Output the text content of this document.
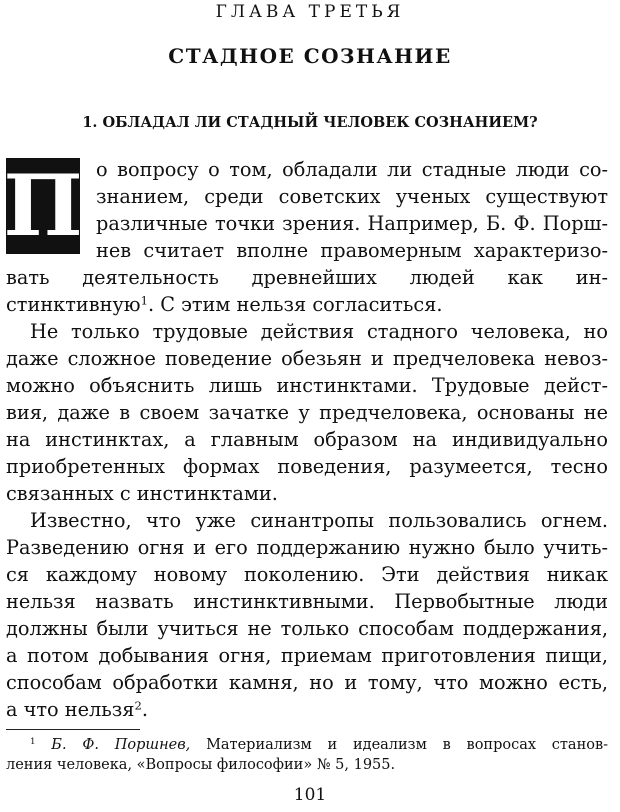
ГЛАВА ТРЕТЬЯ
СТАДНОЕ СОЗНАНИЕ
1. ОБЛАДАЛ ЛИ СТАДНЫЙ ЧЕЛОВЕК СОЗНАНИЕМ?
П о вопросу о том, обладали ли стадные люди со-
знанием, среди советских ученых существуют
различные точки зрения. Например, Б. Ф. Порш-
нев считает вполне правомерным характеризо-
вать деятельность древнейших людей как ин-
стинктивную$^1$. С этим нельзя согласиться.
Не только трудовые действия стадного человека, но
даже сложное поведение обезьян и предчеловека невоз-
можно объяснить лишь инстинктами. Трудовые дейст-
вия, даже в своем зачатке у предчеловека, основаны не
на инстинктах, а главным образом на индивидуально
приобретенных формах поведения, разумеется, тесно
связанных с инстинктами.
Известно, что уже синантропы пользовались огнем.
Разведению огня и его поддержанию нужно было учить-
ся каждому новому поколению. Эти действия никак
нельзя назвать инстинктивными. Первобытные люди
должны были учиться не только способам поддержания,
а потом добывания огня, приемам приготовления пищи,
способам обработки камня, но и тому, что можно есть,
а что нельзя$^2$.
$^1$ Б. Ф. Поршнев, Материализм и идеализм в вопросах станов-
ления человека, «Вопросы философии» № 5, 1955.
101
